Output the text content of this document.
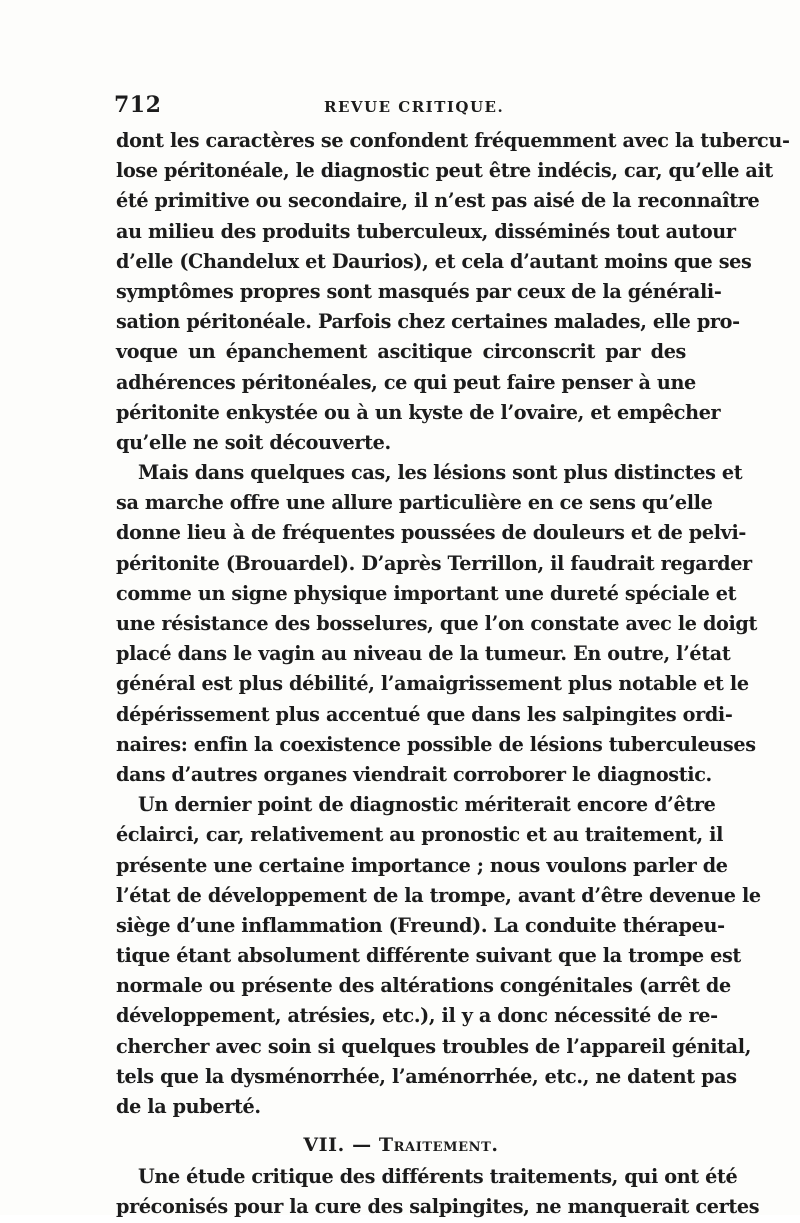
712	REVUE CRITIQUE.
dont les caractères se confondent fréquemment avec la tubercu-
lose péritonéale, le diagnostic peut être indécis, car, qu’elle ait
été primitive ou secondaire, il n’est pas aisé de la reconnaître
au milieu des produits tuberculeux, disséminés tout autour
d’elle (Chandelux et Daurios), et cela d’autant moins que ses
symptômes propres sont masqués par ceux de la générali-
sation péritonéale. Parfois chez certaines malades, elle pro-
voque un épanchement ascitique circonscrit par des
adhérences péritonéales, ce qui peut faire penser à une
péritonite enkystée ou à un kyste de l’ovaire, et empêcher
qu’elle ne soit découverte.
Mais dans quelques cas, les lésions sont plus distinctes et
sa marche offre une allure particulière en ce sens qu’elle
donne lieu à de fréquentes poussées de douleurs et de pelvi-
péritonite (Brouardel). D’après Terrillon, il faudrait regarder
comme un signe physique important une dureté spéciale et
une résistance des bosselures, que l’on constate avec le doigt
placé dans le vagin au niveau de la tumeur. En outre, l’état
général est plus débilité, l’amaigrissement plus notable et le
dépérissement plus accentué que dans les salpingites ordi-
naires: enfin la coexistence possible de lésions tuberculeuses
dans d’autres organes viendrait corroborer le diagnostic.
Un dernier point de diagnostic mériterait encore d’être
éclairci, car, relativement au pronostic et au traitement, il
présente une certaine importance ; nous voulons parler de
l’état de développement de la trompe, avant d’être devenue le
siège d’une inflammation (Freund). La conduite thérapeu-
tique étant absolument différente suivant que la trompe est
normale ou présente des altérations congénitales (arrêt de
développement, atrésies, etc.), il y a donc nécessité de re-
chercher avec soin si quelques troubles de l’appareil génital,
tels que la dysménorrhée, l’aménorrhée, etc., ne datent pas
de la puberté.
VII. — Traitement.
Une étude critique des différents traitements, qui ont été
préconisés pour la cure des salpingites, ne manquerait certes
